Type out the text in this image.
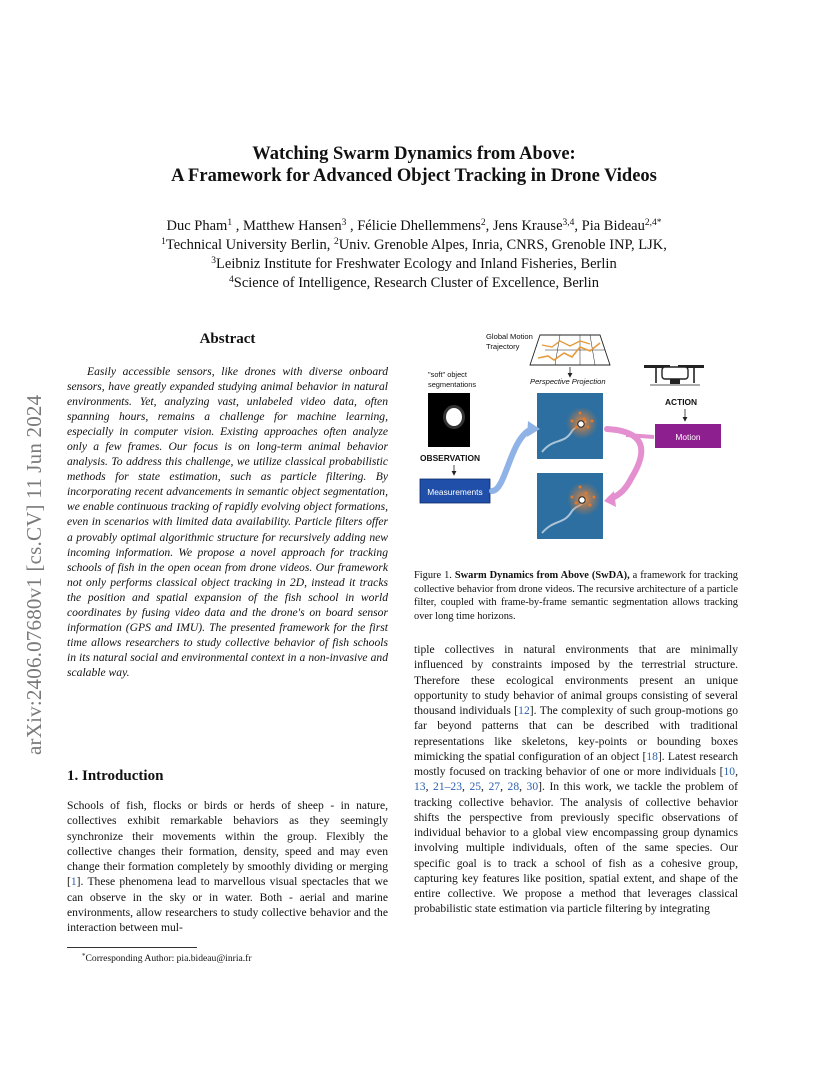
arXiv:2406.07680v1 [cs.CV] 11 Jun 2024
Watching Swarm Dynamics from Above:
A Framework for Advanced Object Tracking in Drone Videos
Duc Pham$^1$ , Matthew Hansen$^3$ , Félicie Dhellemmens$^2$, Jens Krause$^{3,4}$, Pia Bideau$^{2,4*}$
$^1$Technical University Berlin, $^2$Univ. Grenoble Alpes, Inria, CNRS, Grenoble INP, LJK,
$^3$Leibniz Institute for Freshwater Ecology and Inland Fisheries, Berlin
$^4$Science of Intelligence, Research Cluster of Excellence, Berlin
Abstract
Easily accessible sensors, like drones with diverse onboard sensors, have greatly expanded studying animal behavior in natural environments. Yet, analyzing vast, unlabeled video data, often spanning hours, remains a challenge for machine learning, especially in computer vision. Existing approaches often analyze only a few frames. Our focus is on long-term animal behavior analysis. To address this challenge, we utilize classical probabilistic methods for state estimation, such as particle filtering. By incorporating recent advancements in semantic object segmentation, we enable continuous tracking of rapidly evolving object formations, even in scenarios with limited data availability. Particle filters offer a provably optimal algorithmic structure for recursively adding new incoming information. We propose a novel approach for tracking schools of fish in the open ocean from drone videos. Our framework not only performs classical object tracking in 2D, instead it tracks the position and spatial expansion of the fish school in world coordinates by fusing video data and the drone's on board sensor information (GPS and IMU). The presented framework for the first time allows researchers to study collective behavior of fish schools in its natural social and environmental context in a non-invasive and scalable way.
1. Introduction
Schools of fish, flocks or birds or herds of sheep - in nature, collectives exhibit remarkable behaviors as they seemingly synchronize their movements within the group. Flexibly the collective changes their formation, density, speed and may even change their formation completely by smoothly dividing or merging [1]. These phenomena lead to marvellous visual spectacles that we can observe in the sky or in water. Both - aerial and marine environments, allow researchers to study collective behavior and the interaction between mul-
*Corresponding Author: pia.bideau@inria.fr
Global Motion
Trajectory
Perspective Projection
"soft" object
segmentations
ACTION
Motion
OBSERVATION
Measurements
Figure 1. Swarm Dynamics from Above (SwDA), a framework for tracking collective behavior from drone videos. The recursive architecture of a particle filter, coupled with frame-by-frame semantic segmentation allows tracking over long time horizons.
tiple collectives in natural environments that are minimally influenced by constraints imposed by the terrestrial structure. Therefore these ecological environments present an unique opportunity to study behavior of animal groups consisting of several thousand individuals [12]. The complexity of such group-motions go far beyond patterns that can be described with traditional representations like skeletons, key-points or bounding boxes mimicking the spatial configuration of an object [18]. Latest research mostly focused on tracking behavior of one or more individuals [10, 13, 21–23, 25, 27, 28, 30]. In this work, we tackle the problem of tracking collective behavior. The analysis of collective behavior shifts the perspective from previously specific observations of individual behavior to a global view encompassing group dynamics involving multiple individuals, often of the same species. Our specific goal is to track a school of fish as a cohesive group, capturing key features like position, spatial extent, and shape of the entire collective. We propose a method that leverages classical probabilistic state estimation via particle filtering by integrating
